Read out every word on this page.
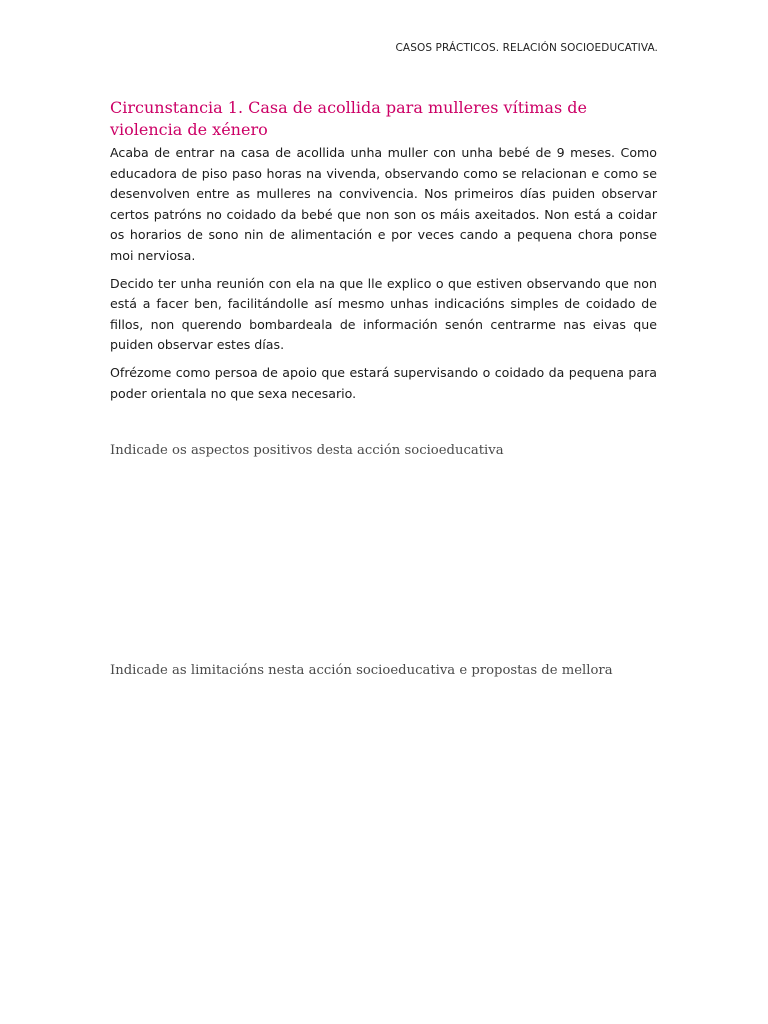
CASOS PRÁCTICOS. RELACIÓN SOCIOEDUCATIVA.
Circunstancia 1. Casa de acollida para mulleres vítimas de violencia de xénero

Acaba de entrar na casa de acollida unha muller con unha bebé de 9 meses. Como educadora de piso paso horas na vivenda, observando como se relacionan e como se desenvolven entre as mulleres na convivencia. Nos primeiros días puiden observar certos patróns no coidado da bebé que non son os máis axeitados. Non está a coidar os horarios de sono nin de alimentación e por veces cando a pequena chora ponse moi nerviosa.

Decido ter unha reunión con ela na que lle explico o que estiven observando que non está a facer ben, facilitándolle así mesmo unhas indicacións simples de coidado de fillos, non querendo bombardeala de información senón centrarme nas eivas que puiden observar estes días.

Ofrézome como persoa de apoio que estará supervisando o coidado da pequena para poder orientala no que sexa necesario.

Indicade os aspectos positivos desta acción socioeducativa

Indicade as limitacións nesta acción socioeducativa e propostas de mellora
